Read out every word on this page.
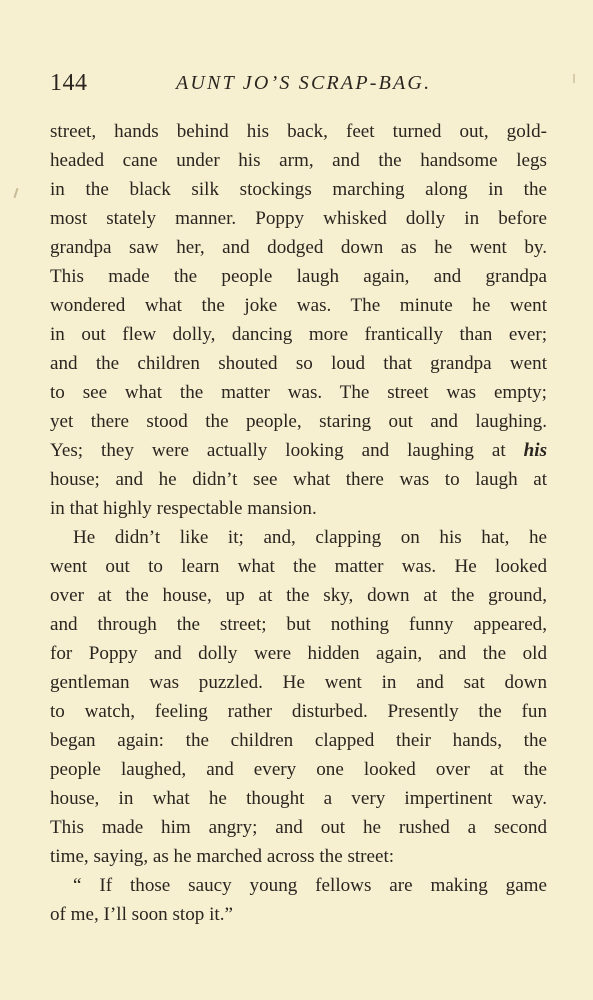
144	AUNT JO’S SCRAP-BAG.
street, hands behind his back, feet turned out, gold-
headed cane under his arm, and the handsome legs
in the black silk stockings marching along in the
most stately manner. Poppy whisked dolly in before
grandpa saw her, and dodged down as he went by.
This made the people laugh again, and grandpa
wondered what the joke was. The minute he went
in out flew dolly, dancing more frantically than ever;
and the children shouted so loud that grandpa went
to see what the matter was. The street was empty;
yet there stood the people, staring out and laughing.
Yes; they were actually looking and laughing at his
house; and he didn’t see what there was to laugh at
in that highly respectable mansion.
He didn’t like it; and, clapping on his hat, he
went out to learn what the matter was. He looked
over at the house, up at the sky, down at the ground,
and through the street; but nothing funny appeared,
for Poppy and dolly were hidden again, and the old
gentleman was puzzled. He went in and sat down
to watch, feeling rather disturbed. Presently the fun
began again: the children clapped their hands, the
people laughed, and every one looked over at the
house, in what he thought a very impertinent way.
This made him angry; and out he rushed a second
time, saying, as he marched across the street:
“ If those saucy young fellows are making game
of me, I’ll soon stop it.”
